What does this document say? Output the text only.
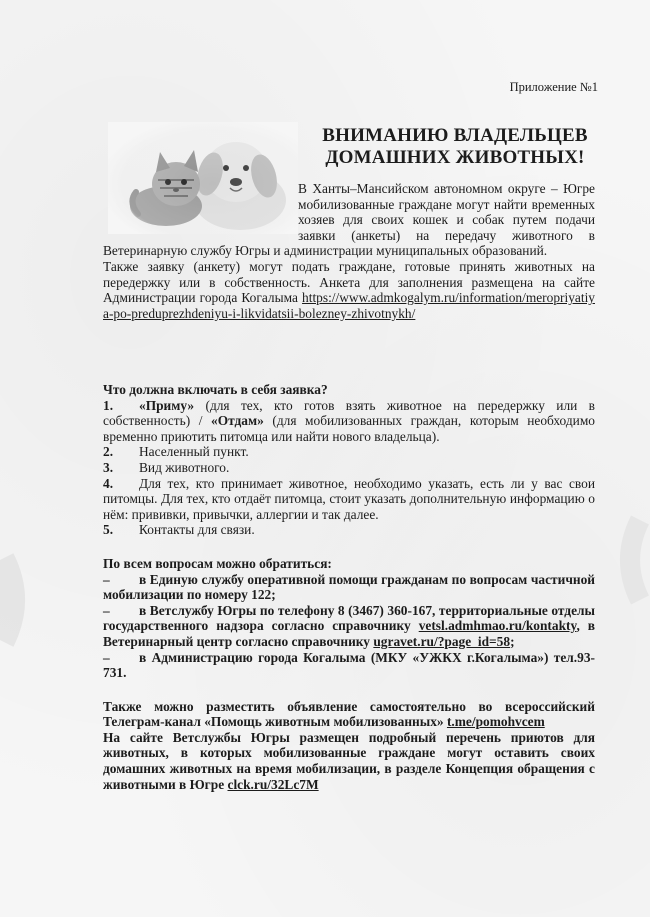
Приложение №1
ВНИМАНИЮ ВЛАДЕЛЬЦЕВ
ДОМАШНИХ ЖИВОТНЫХ!

В Ханты–Мансийском автономном округе – Югре мобилизованные граждане могут найти временных хозяев для своих кошек и собак путем подачи заявки (анкеты) на передачу животного в Ветеринарную службу Югры и администрации муниципальных образований.

Также заявку (анкету) могут подать граждане, готовые принять животных на передержку или в собственность. Анкета для заполнения размещена на сайте Администрации города Когалыма https://www.admkogalym.ru/information/meropriyatiya-po-preduprezhdeniyu-i-likvidatsii-bolezney-zhivotnykh/

Что должна включать в себя заявка?

1. «Приму» (для тех, кто готов взять животное на передержку или в собственность) / «Отдам» (для мобилизованных граждан, которым необходимо временно приютить питомца или найти нового владельца).

2. Населенный пункт.

3. Вид животного.

4. Для тех, кто принимает животное, необходимо указать, есть ли у вас свои питомцы. Для тех, кто отдаёт питомца, стоит указать дополнительную информацию о нём: прививки, привычки, аллергии и так далее.

5. Контакты для связи.

По всем вопросам можно обратиться:

– в Единую службу оперативной помощи гражданам по вопросам частичной мобилизации по номеру 122;

– в Ветслужбу Югры по телефону 8 (3467) 360-167, территориальные отделы государственного надзора согласно справочнику vetsl.admhmao.ru/kontakty, в Ветеринарный центр согласно справочнику ugravet.ru/?page_id=58;

– в Администрацию города Когалыма (МКУ «УЖКХ г.Когалыма») тел.93-731.

Также можно разместить объявление самостоятельно во всероссийский Телеграм-канал «Помощь животным мобилизованных» t.me/pomohvcem

На сайте Ветслужбы Югры размещен подробный перечень приютов для животных, в которых мобилизованные граждане могут оставить своих домашних животных на время мобилизации, в разделе Концепция обращения с животными в Югре clck.ru/32Lc7M
